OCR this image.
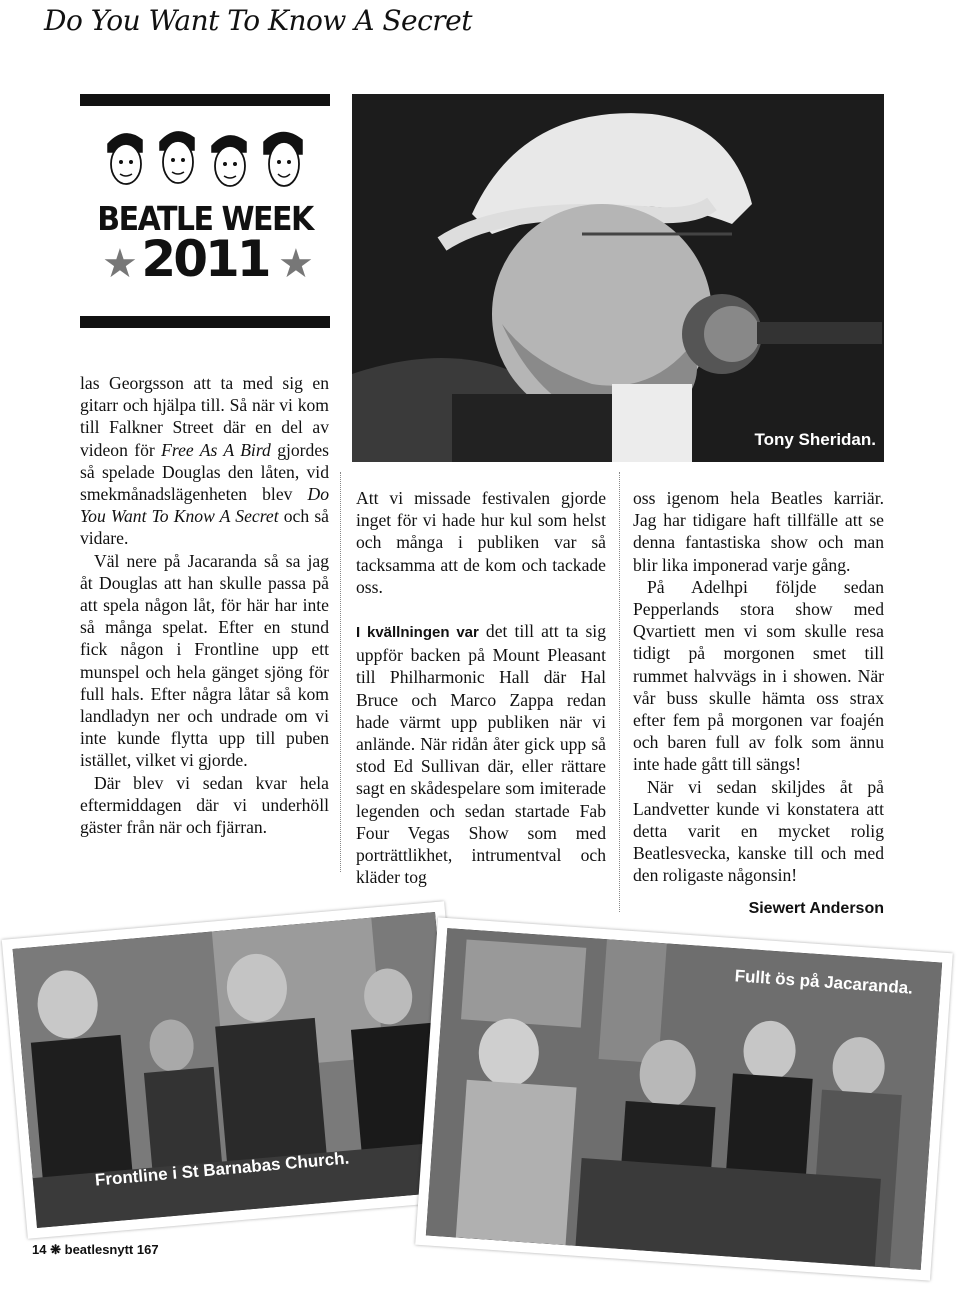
Do You Want To Know A Secret
BEATLE WEEK
★ 2011 ★
Tony Sheridan.

las Georgsson att ta med sig en gitarr och hjälpa till. Så när vi kom till Falkner Street där en del av videon för Free As A Bird gjordes så spelade Douglas den låten, vid smekmånadslägenheten blev Do You Want To Know A Secret och så vidare.

Väl nere på Jacaranda så sa jag åt Douglas att han skulle passa på att spela någon låt, för här har inte så många spelat. Efter en stund fick någon i Frontline upp ett munspel och hela gänget sjöng för full hals. Efter några låtar så kom landladyn ner och undrade om vi inte kunde flytta upp till puben istället, vilket vi gjorde.

Där blev vi sedan kvar hela eftermiddagen där vi underhöll gäster från när och fjärran.

Att vi missade festivalen gjorde inget för vi hade hur kul som helst och många i publiken var så tacksamma att de kom och tackade oss.

I kvällningen var det till att ta sig uppför backen på Mount Pleasant till Philharmonic Hall där Hal Bruce och Marco Zappa redan hade värmt upp publiken när vi anlände. När ridån åter gick upp så stod Ed Sullivan där, eller rättare sagt en skådespelare som imiterade legenden och sedan startade Fab Four Vegas Show som med porträttlikhet, intrumentval och kläder tog

oss igenom hela Beatles karriär. Jag har tidigare haft tillfälle att se denna fantastiska show och man blir lika imponerad varje gång.

På Adelhpi följde sedan Pepperlands stora show med Qvartiett men vi som skulle resa tidigt på morgonen smet till rummet halvvägs in i showen. När vår buss skulle hämta oss strax efter fem på morgonen var foajén och baren full av folk som ännu inte hade gått till sängs!

När vi sedan skiljdes åt på Landvetter kunde vi konstatera att detta varit en mycket rolig Beatlesvecka, kanske till och med den roligaste någonsin!

Siewert Anderson
Frontline i St Barnabas Church.
Fullt ös på Jacaranda.
14 ❋ beatlesnytt 167
